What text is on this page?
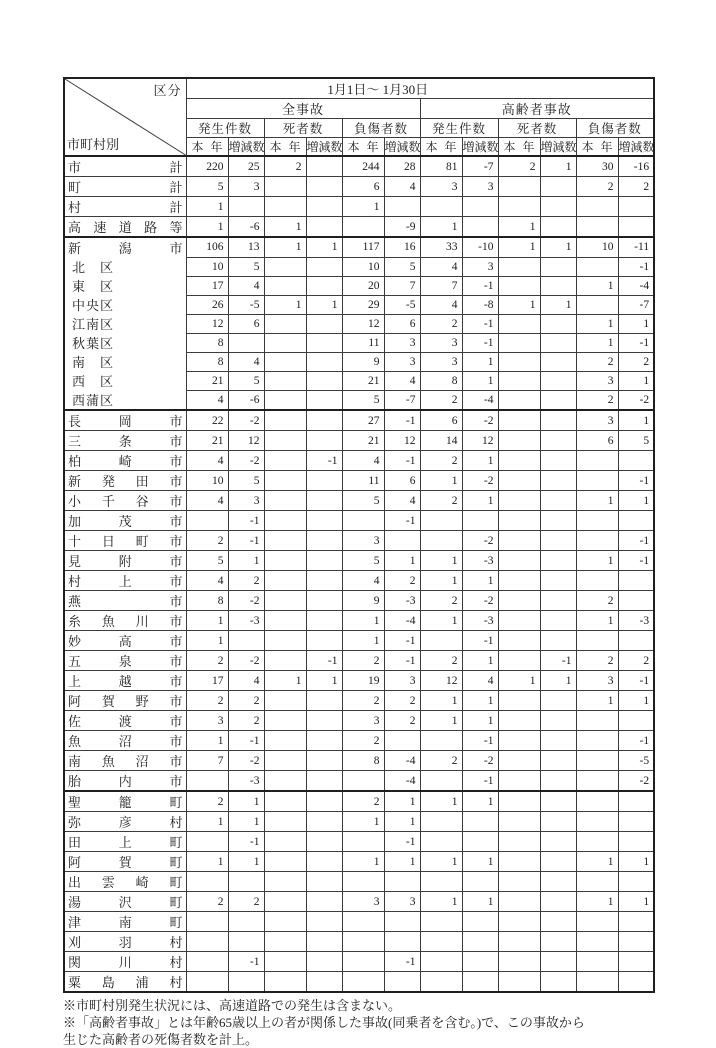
区分
市町村別	1月1日～ 1月30日											
	全事故						高齢者事故					
	発生件数		死者数		負傷者数		発生件数		死者数		負傷者数	

	本 年	増減数	本 年	増減数	本 年	増減数	本 年	増減数	本 年	増減数	本 年	増減数

市 計	220	25	2		244	28	81	-7	2	1	30	-16

町 計	5	3			6	4	3	3			2	2

村 計	1				1							

高 速 道 路 等	1	-6	1			-9	1		1			

新 潟 市	106	13	1	1	117	16	33	-10	1	1	10	-11

北 区	10	5			10	5	4	3				-1

東 区	17	4			20	7	7	-1			1	-4

中 央 区	26	-5	1	1	29	-5	4	-8	1	1		-7

江 南 区	12	6			12	6	2	-1			1	1

秋 葉 区	8				11	3	3	-1			1	-1

南 区	8	4			9	3	3	1			2	2

西 区	21	5			21	4	8	1			3	1

西 蒲 区	4	-6			5	-7	2	-4			2	-2

長 岡 市	22	-2			27	-1	6	-2			3	1

三 条 市	21	12			21	12	14	12			6	5

柏 崎 市	4	-2		-1	4	-1	2	1				

新 発 田 市	10	5			11	6	1	-2				-1

小 千 谷 市	4	3			5	4	2	1			1	1

加 茂 市		-1				-1						

十 日 町 市	2	-1			3			-2				-1

見 附 市	5	1			5	1	1	-3			1	-1

村 上 市	4	2			4	2	1	1				

燕 市	8	-2			9	-3	2	-2			2	

糸 魚 川 市	1	-3			1	-4	1	-3			1	-3

妙 高 市	1				1	-1		-1				

五 泉 市	2	-2		-1	2	-1	2	1		-1	2	2

上 越 市	17	4	1	1	19	3	12	4	1	1	3	-1

阿 賀 野 市	2	2			2	2	1	1			1	1

佐 渡 市	3	2			3	2	1	1				

魚 沼 市	1	-1			2			-1				-1

南 魚 沼 市	7	-2			8	-4	2	-2				-5

胎 内 市		-3				-4		-1				-2

聖 籠 町	2	1			2	1	1	1				

弥 彦 村	1	1			1	1						

田 上 町		-1				-1						

阿 賀 町	1	1			1	1	1	1			1	1

出 雲 崎 町												

湯 沢 町	2	2			3	3	1	1			1	1

津 南 町												

刈 羽 村												

関 川 村		-1				-1						

粟 島 浦 村												

※市町村別発生状況には、高速道路での発生は含まない。
※「高齢者事故」とは年齢65歳以上の者が関係した事故(同乗者を含む。)で、この事故から
生じた高齢者の死傷者数を計上。
